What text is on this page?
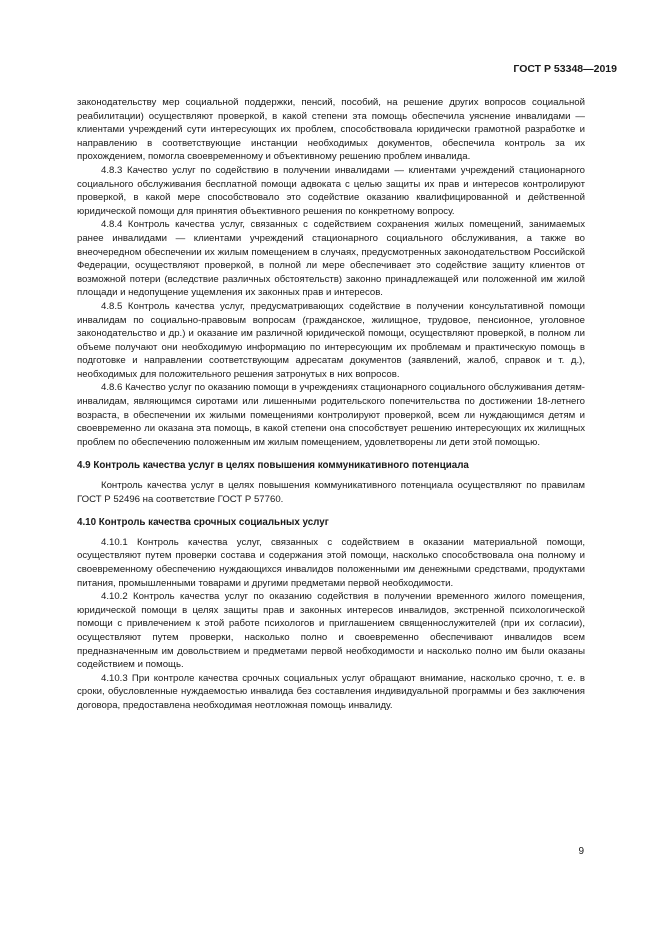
ГОСТ Р 53348—2019

законодательству мер социальной поддержки, пенсий, пособий, на решение других вопросов социальной реабилитации) осуществляют проверкой, в какой степени эта помощь обеспечила уяснение инвалидами — клиентами учреждений сути интересующих их проблем, способствовала юридически грамотной разработке и направлению в соответствующие инстанции необходимых документов, обеспечила контроль за их прохождением, помогла своевременному и объективному решению проблем инвалида.

4.8.3 Качество услуг по содействию в получении инвалидами — клиентами учреждений стационарного социального обслуживания бесплатной помощи адвоката с целью защиты их прав и интересов контролируют проверкой, в какой мере способствовало это содействие оказанию квалифицированной и действенной юридической помощи для принятия объективного решения по конкретному вопросу.

4.8.4 Контроль качества услуг, связанных с содействием сохранения жилых помещений, занимаемых ранее инвалидами — клиентами учреждений стационарного социального обслуживания, а также во внеочередном обеспечении их жилым помещением в случаях, предусмотренных законодательством Российской Федерации, осуществляют проверкой, в полной ли мере обеспечивает это содействие защиту клиентов от возможной потери (вследствие различных обстоятельств) законно принадлежащей или положенной им жилой площади и недопущение ущемления их законных прав и интересов.

4.8.5 Контроль качества услуг, предусматривающих содействие в получении консультативной помощи инвалидам по социально-правовым вопросам (гражданское, жилищное, трудовое, пенсионное, уголовное законодательство и др.) и оказание им различной юридической помощи, осуществляют проверкой, в полном ли объеме получают они необходимую информацию по интересующим их проблемам и практическую помощь в подготовке и направлении соответствующим адресатам документов (заявлений, жалоб, справок и т. д.), необходимых для положительного решения затронутых в них вопросов.

4.8.6 Качество услуг по оказанию помощи в учреждениях стационарного социального обслуживания детям-инвалидам, являющимся сиротами или лишенными родительского попечительства по достижении 18-летнего возраста, в обеспечении их жилыми помещениями контролируют проверкой, всем ли нуждающимся детям и своевременно ли оказана эта помощь, в какой степени она способствует решению интересующих их жилищных проблем по обеспечению положенным им жилым помещением, удовлетворены ли дети этой помощью.

4.9 Контроль качества услуг в целях повышения коммуникативного потенциала

Контроль качества услуг в целях повышения коммуникативного потенциала осуществляют по правилам ГОСТ Р 52496 на соответствие ГОСТ Р 57760.

4.10 Контроль качества срочных социальных услуг

4.10.1 Контроль качества услуг, связанных с содействием в оказании материальной помощи, осуществляют путем проверки состава и содержания этой помощи, насколько способствовала она полному и своевременному обеспечению нуждающихся инвалидов положенными им денежными средствами, продуктами питания, промышленными товарами и другими предметами первой необходимости.

4.10.2 Контроль качества услуг по оказанию содействия в получении временного жилого помещения, юридической помощи в целях защиты прав и законных интересов инвалидов, экстренной психологической помощи с привлечением к этой работе психологов и приглашением священнослужителей (при их согласии), осуществляют путем проверки, насколько полно и своевременно обеспечивают инвалидов всем предназначенным им довольствием и предметами первой необходимости и насколько полно им были оказаны содействием и помощь.

4.10.3 При контроле качества срочных социальных услуг обращают внимание, насколько срочно, т. е. в сроки, обусловленные нуждаемостью инвалида без составления индивидуальной программы и без заключения договора, предоставлена необходимая неотложная помощь инвалиду.

9
